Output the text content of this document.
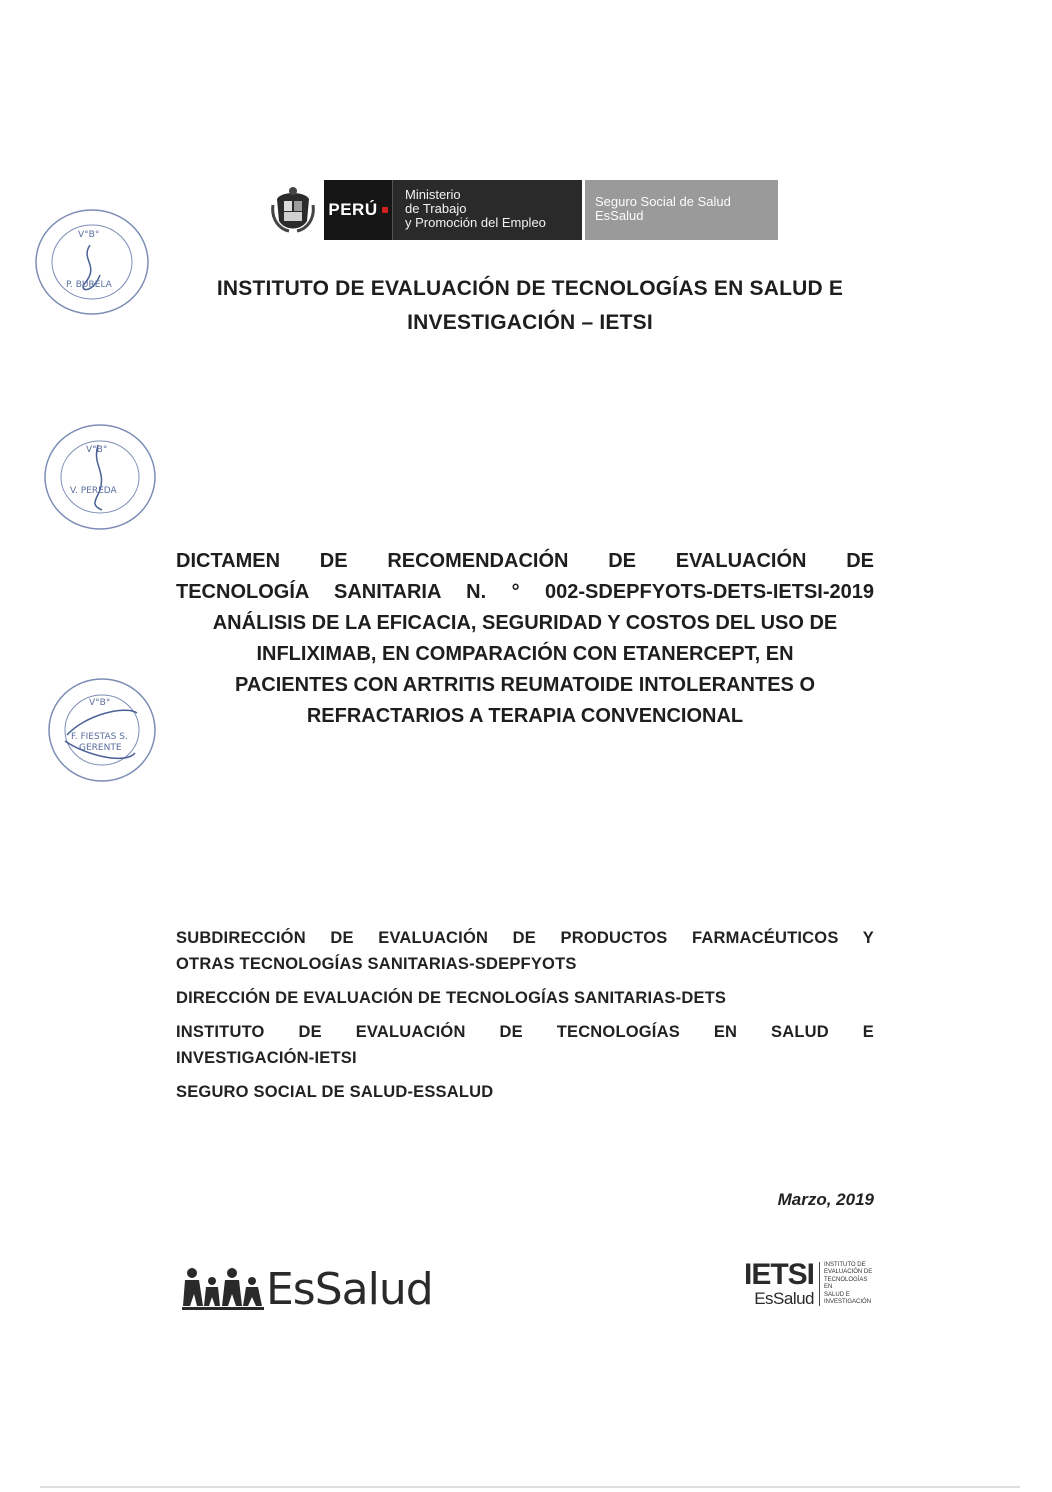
V°B°
P. BURELA
V°B°
V. PEREDA
V°B°
F. FIESTAS S.
GERENTE
PERÚ
Ministerio
de Trabajo
y Promoción del Empleo
Seguro Social de Salud
EsSalud
INSTITUTO DE EVALUACIÓN DE TECNOLOGÍAS EN SALUD E
INVESTIGACIÓN – IETSI
DICTAMEN DE RECOMENDACIÓN DE EVALUACIÓN DE
TECNOLOGÍA SANITARIA N. ° 002-SDEPFYOTS-DETS-IETSI-2019
ANÁLISIS DE LA EFICACIA, SEGURIDAD Y COSTOS DEL USO DE
INFLIXIMAB, EN COMPARACIÓN CON ETANERCEPT, EN
PACIENTES CON ARTRITIS REUMATOIDE INTOLERANTES O
REFRACTARIOS A TERAPIA CONVENCIONAL
SUBDIRECCIÓN DE EVALUACIÓN DE PRODUCTOS FARMACÉUTICOS Y
OTRAS TECNOLOGÍAS SANITARIAS-SDEPFYOTS
DIRECCIÓN DE EVALUACIÓN DE TECNOLOGÍAS SANITARIAS-DETS
INSTITUTO DE EVALUACIÓN DE TECNOLOGÍAS EN SALUD E
INVESTIGACIÓN-IETSI
SEGURO SOCIAL DE SALUD-ESSALUD
Marzo, 2019
EsSalud	IETSI
EsSalud
INSTITUTO DE
EVALUACIÓN DE
TECNOLOGÍAS EN
SALUD E
INVESTIGACIÓN
